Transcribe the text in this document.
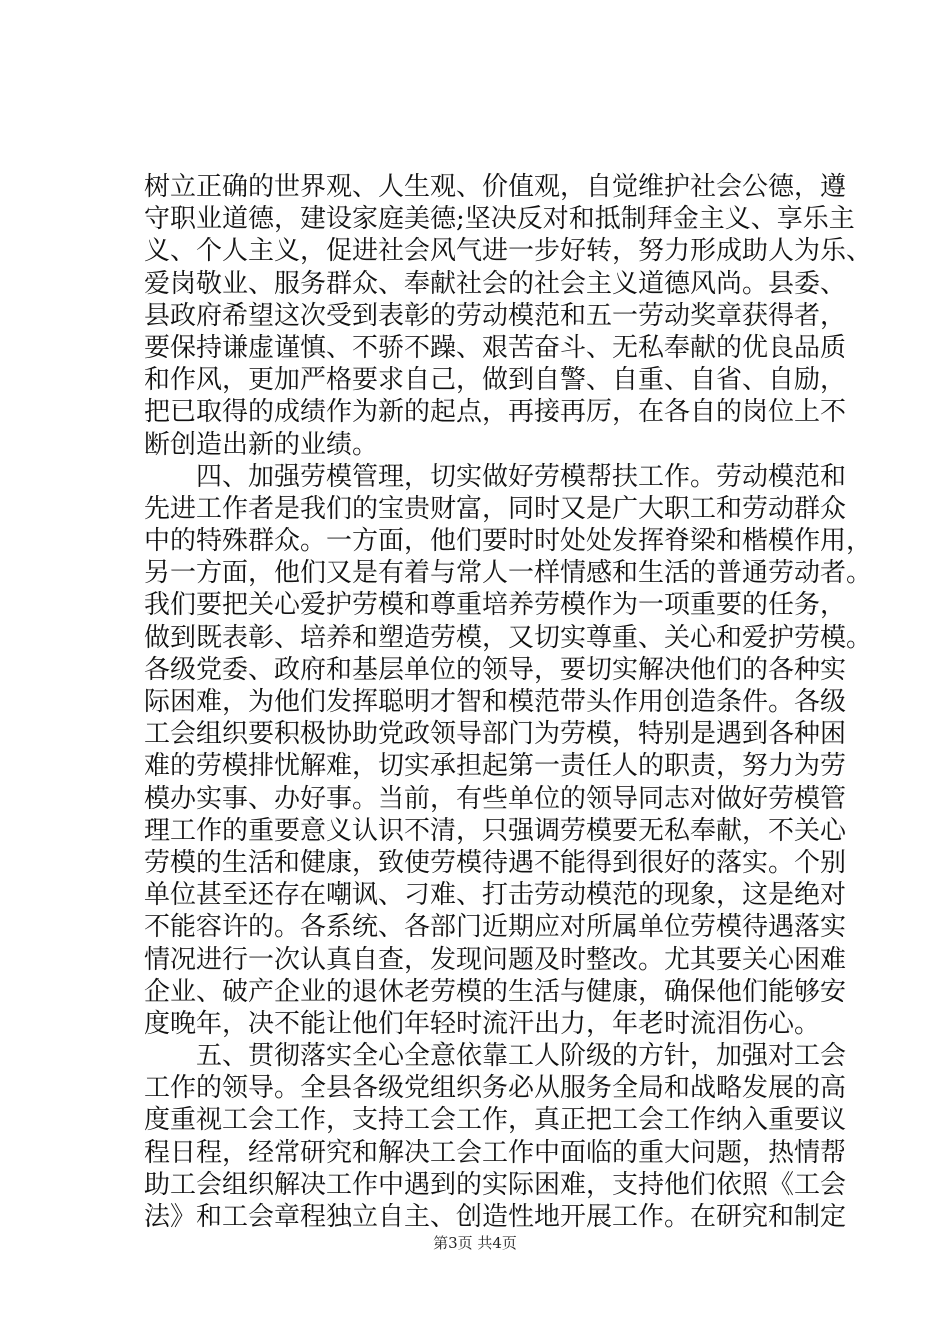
树立正确的世界观、人生观、价值观，自觉维护社会公德，遵
守职业道德，建设家庭美德;坚决反对和抵制拜金主义、享乐主
义、个人主义，促进社会风气进一步好转，努力形成助人为乐、
爱岗敬业、服务群众、奉献社会的社会主义道德风尚。县委、
县政府希望这次受到表彰的劳动模范和五一劳动奖章获得者，
要保持谦虚谨慎、不骄不躁、艰苦奋斗、无私奉献的优良品质
和作风，更加严格要求自己，做到自警、自重、自省、自励，
把已取得的成绩作为新的起点，再接再厉，在各自的岗位上不
断创造出新的业绩。
　　四、加强劳模管理，切实做好劳模帮扶工作。劳动模范和
先进工作者是我们的宝贵财富，同时又是广大职工和劳动群众
中的特殊群众。一方面，他们要时时处处发挥脊梁和楷模作用，
另一方面，他们又是有着与常人一样情感和生活的普通劳动者。
我们要把关心爱护劳模和尊重培养劳模作为一项重要的任务，
做到既表彰、培养和塑造劳模，又切实尊重、关心和爱护劳模。
各级党委、政府和基层单位的领导，要切实解决他们的各种实
际困难，为他们发挥聪明才智和模范带头作用创造条件。各级
工会组织要积极协助党政领导部门为劳模，特别是遇到各种困
难的劳模排忧解难，切实承担起第一责任人的职责，努力为劳
模办实事、办好事。当前，有些单位的领导同志对做好劳模管
理工作的重要意义认识不清，只强调劳模要无私奉献，不关心
劳模的生活和健康，致使劳模待遇不能得到很好的落实。个别
单位甚至还存在嘲讽、刁难、打击劳动模范的现象，这是绝对
不能容许的。各系统、各部门近期应对所属单位劳模待遇落实
情况进行一次认真自查，发现问题及时整改。尤其要关心困难
企业、破产企业的退休老劳模的生活与健康，确保他们能够安
度晚年，决不能让他们年轻时流汗出力，年老时流泪伤心。
　　五、贯彻落实全心全意依靠工人阶级的方针，加强对工会
工作的领导。全县各级党组织务必从服务全局和战略发展的高
度重视工会工作，支持工会工作，真正把工会工作纳入重要议
程日程，经常研究和解决工会工作中面临的重大问题，热情帮
助工会组织解决工作中遇到的实际困难，支持他们依照《工会
法》和工会章程独立自主、创造性地开展工作。在研究和制定
第3页 共4页
